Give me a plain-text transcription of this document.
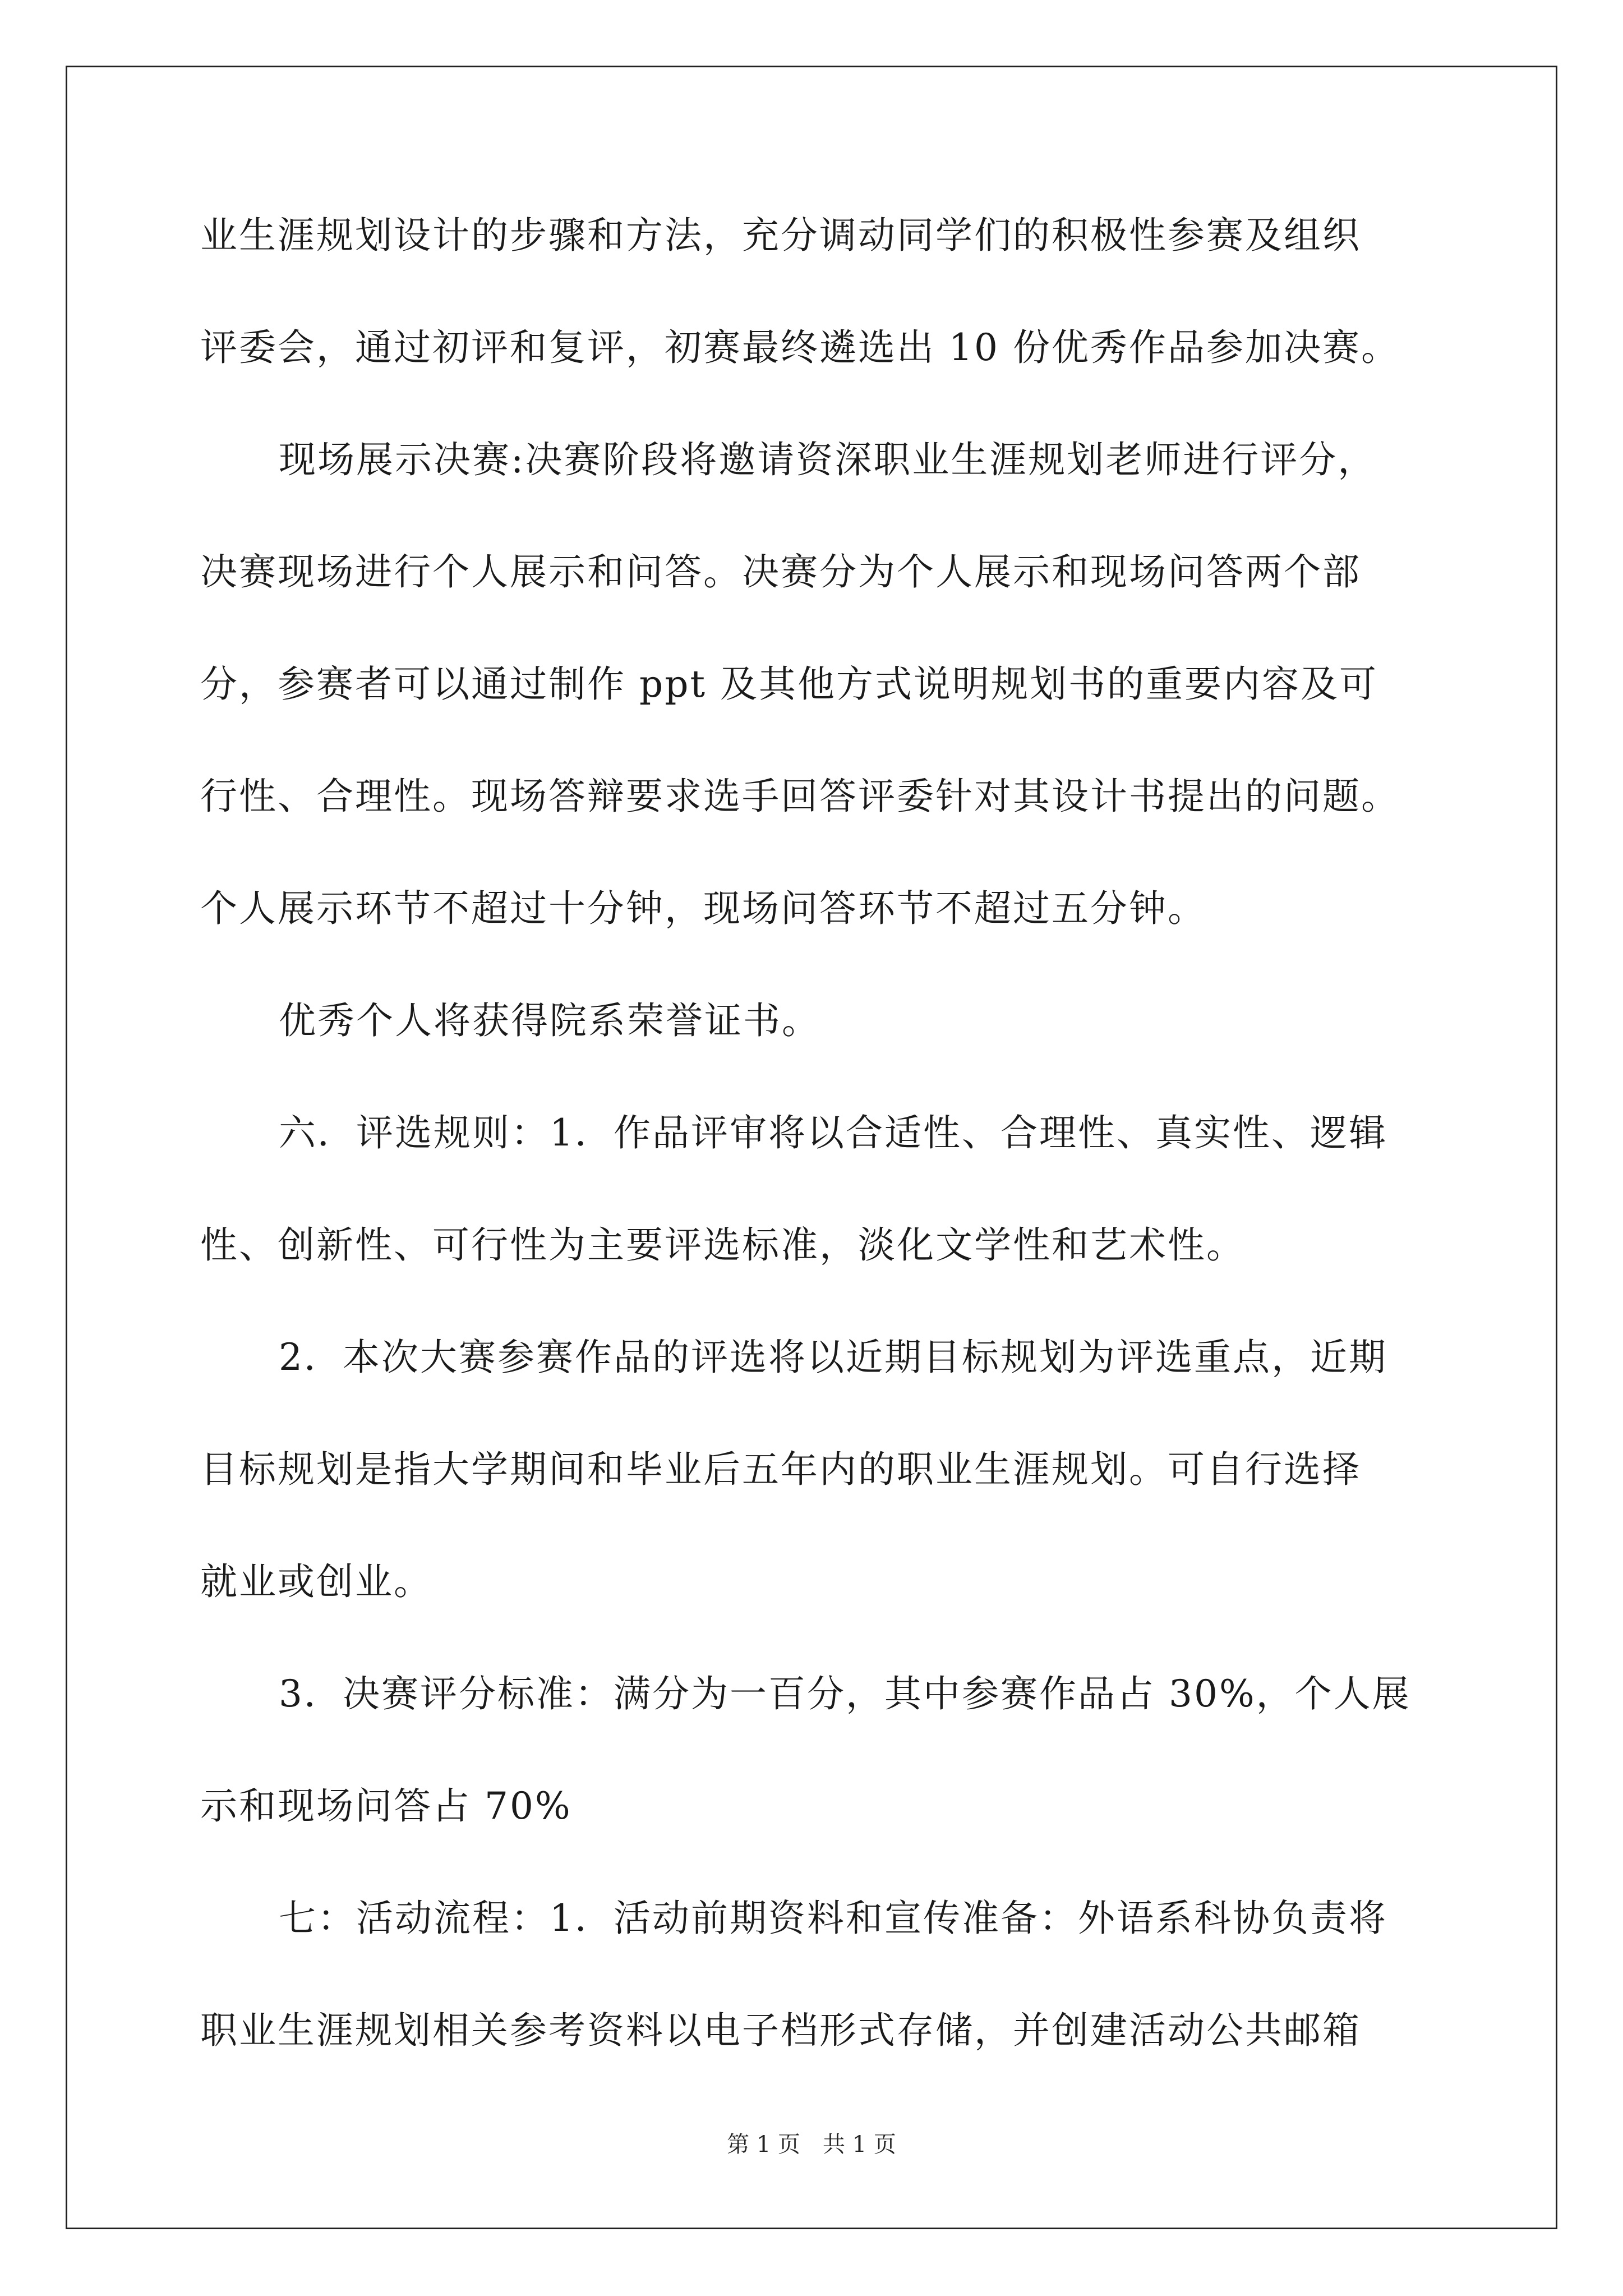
业生涯规划设计的步骤和方法，充分调动同学们的积极性参赛及组织
评委会，通过初评和复评，初赛最终遴选出 10 份优秀作品参加决赛。
现场展示决赛:决赛阶段将邀请资深职业生涯规划老师进行评分，
决赛现场进行个人展示和问答。决赛分为个人展示和现场问答两个部
分，参赛者可以通过制作 ppt 及其他方式说明规划书的重要内容及可
行性、合理性。现场答辩要求选手回答评委针对其设计书提出的问题。
个人展示环节不超过十分钟，现场问答环节不超过五分钟。
优秀个人将获得院系荣誉证书。
六．评选规则：1．作品评审将以合适性、合理性、真实性、逻辑
性、创新性、可行性为主要评选标准，淡化文学性和艺术性。
2．本次大赛参赛作品的评选将以近期目标规划为评选重点，近期
目标规划是指大学期间和毕业后五年内的职业生涯规划。可自行选择
就业或创业。
3．决赛评分标准：满分为一百分，其中参赛作品占 30%，个人展
示和现场问答占 70%
七：活动流程：1．活动前期资料和宣传准备：外语系科协负责将
职业生涯规划相关参考资料以电子档形式存储，并创建活动公共邮箱
第 1 页　共 1 页
